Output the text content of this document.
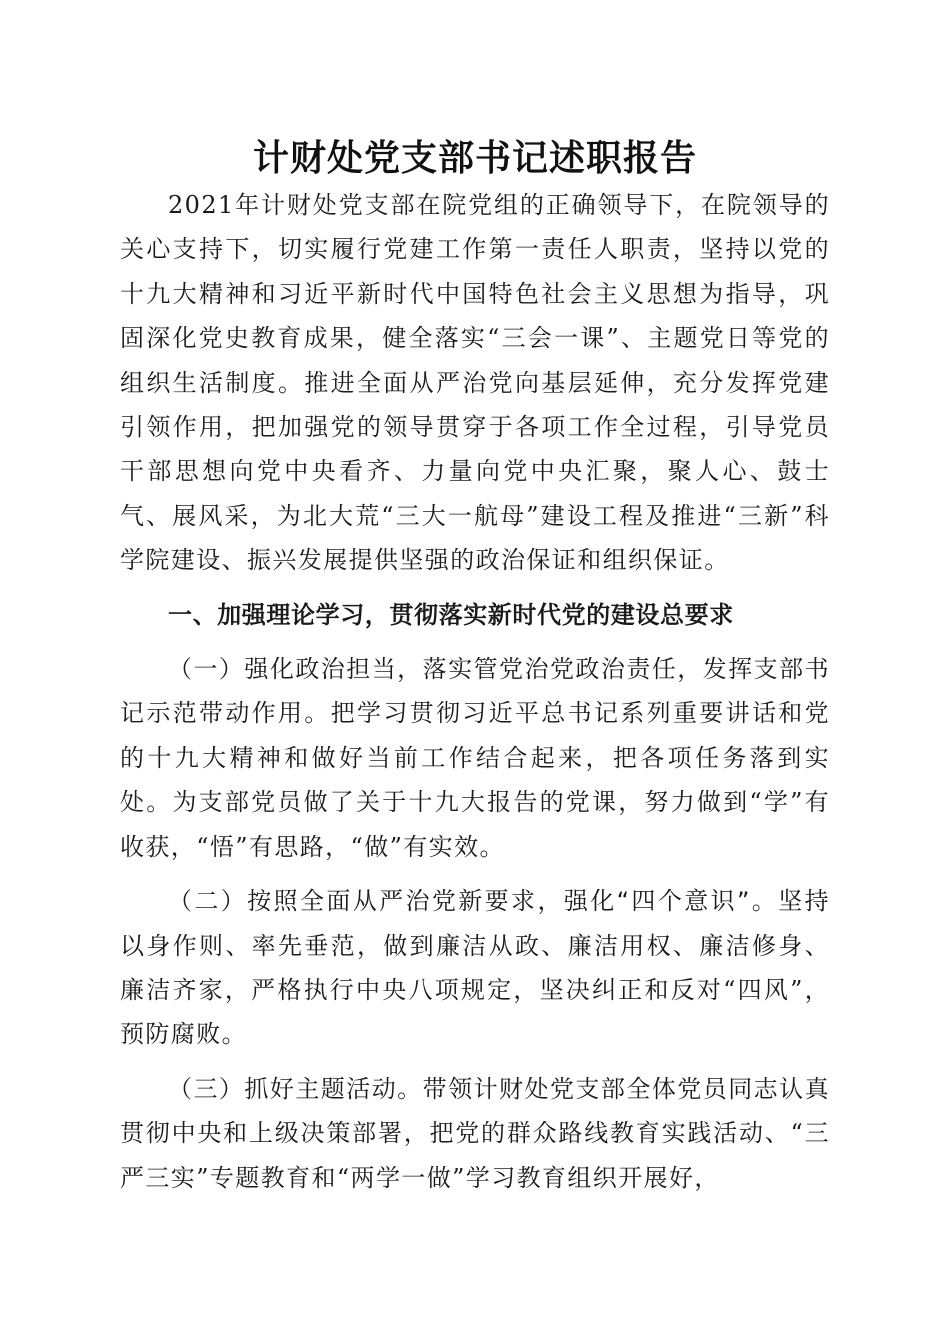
计财处党支部书记述职报告

2021年计财处党支部在院党组的正确领导下，在院领导的关心支持下，切实履行党建工作第一责任人职责，坚持以党的十九大精神和习近平新时代中国特色社会主义思想为指导，巩固深化党史教育成果，健全落实“三会一课”、主题党日等党的组织生活制度。推进全面从严治党向基层延伸，充分发挥党建引领作用，把加强党的领导贯穿于各项工作全过程，引导党员干部思想向党中央看齐、力量向党中央汇聚，聚人心、鼓士气、展风采，为北大荒“三大一航母”建设工程及推进“三新”科学院建设、振兴发展提供坚强的政治保证和组织保证。

一、加强理论学习，贯彻落实新时代党的建设总要求

（一）强化政治担当，落实管党治党政治责任，发挥支部书记示范带动作用。把学习贯彻习近平总书记系列重要讲话和党的十九大精神和做好当前工作结合起来，把各项任务落到实处。为支部党员做了关于十九大报告的党课，努力做到“学”有收获，“悟”有思路，“做”有实效。

（二）按照全面从严治党新要求，强化“四个意识”。坚持以身作则、率先垂范，做到廉洁从政、廉洁用权、廉洁修身、廉洁齐家，严格执行中央八项规定，坚决纠正和反对“四风”，预防腐败。

（三）抓好主题活动。带领计财处党支部全体党员同志认真贯彻中央和上级决策部署，把党的群众路线教育实践活动、“三严三实”专题教育和“两学一做”学习教育组织开展好，
